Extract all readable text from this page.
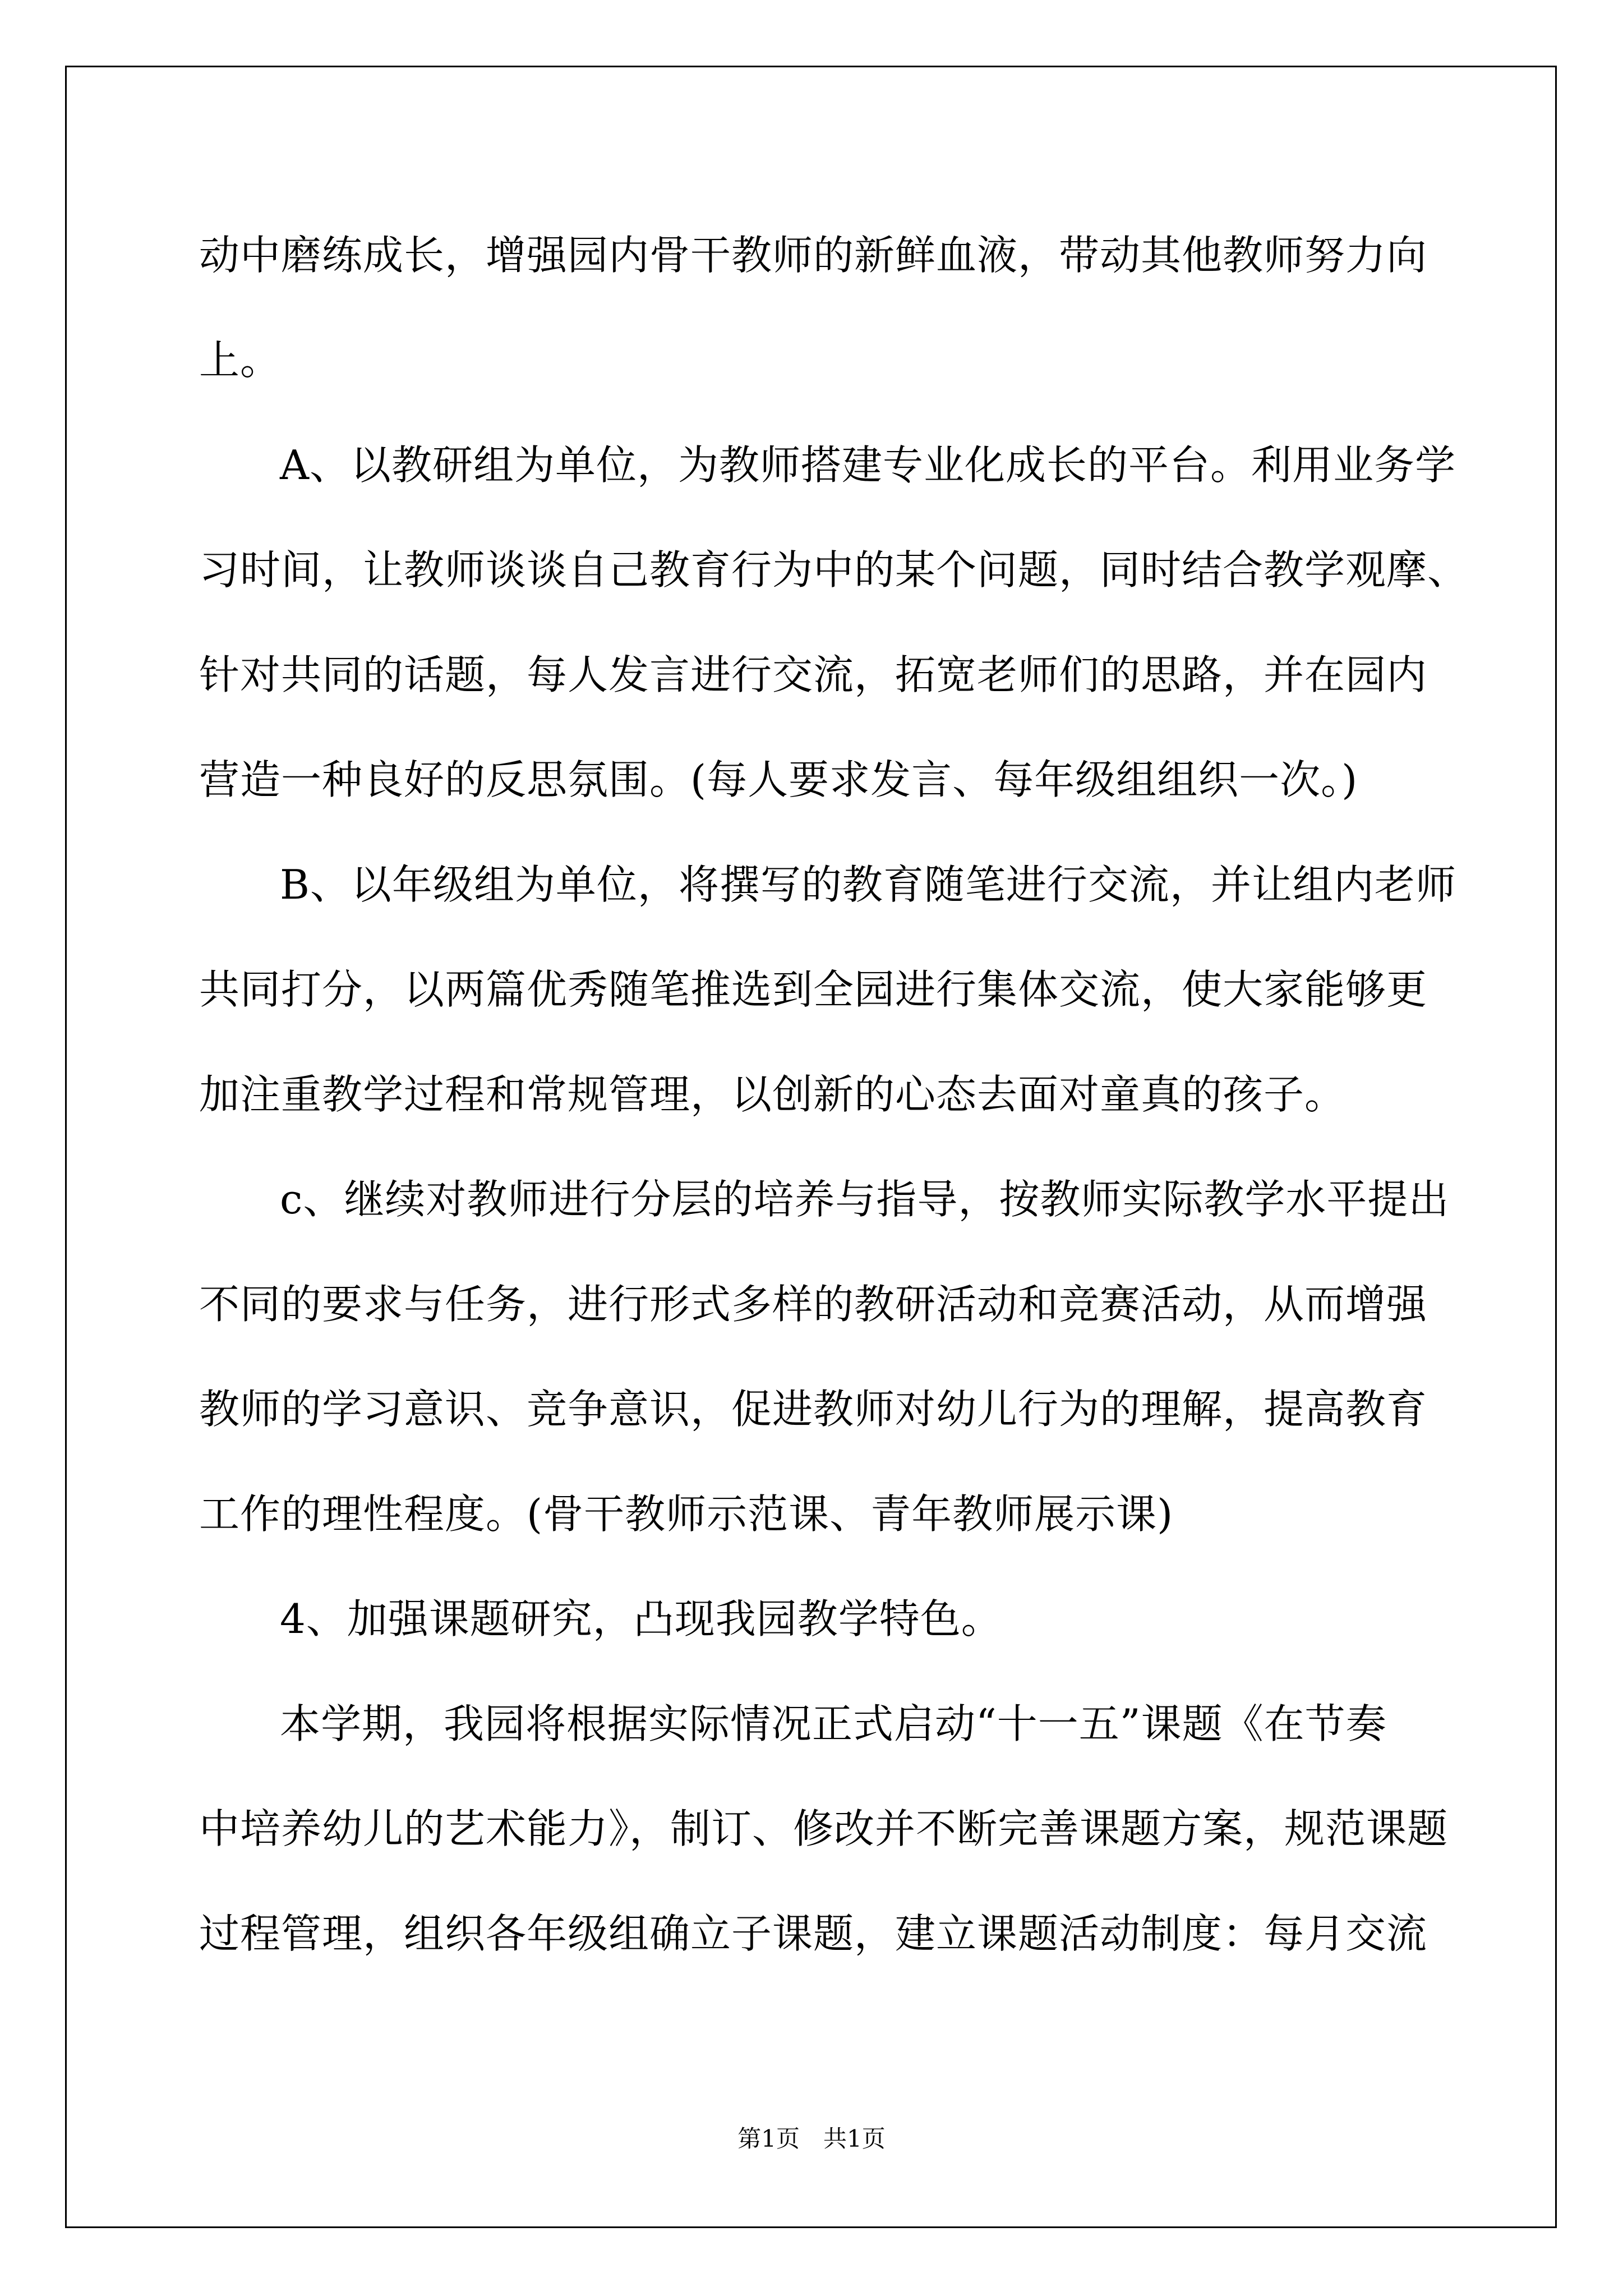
动中磨练成长，增强园内骨干教师的新鲜血液，带动其他教师努力向
上。
A、以教研组为单位，为教师搭建专业化成长的平台。利用业务学
习时间，让教师谈谈自己教育行为中的某个问题，同时结合教学观摩、
针对共同的话题，每人发言进行交流，拓宽老师们的思路，并在园内
营造一种良好的反思氛围。(每人要求发言、每年级组组织一次。)
B、以年级组为单位，将撰写的教育随笔进行交流，并让组内老师
共同打分，以两篇优秀随笔推选到全园进行集体交流，使大家能够更
加注重教学过程和常规管理，以创新的心态去面对童真的孩子。
c、继续对教师进行分层的培养与指导，按教师实际教学水平提出
不同的要求与任务，进行形式多样的教研活动和竞赛活动，从而增强
教师的学习意识、竞争意识，促进教师对幼儿行为的理解，提高教育
工作的理性程度。(骨干教师示范课、青年教师展示课)
4、加强课题研究，凸现我园教学特色。
本学期，我园将根据实际情况正式启动“十一五”课题《在节奏
中培养幼儿的艺术能力》，制订、修改并不断完善课题方案，规范课题
过程管理，组织各年级组确立子课题，建立课题活动制度：每月交流
第1页　共1页
